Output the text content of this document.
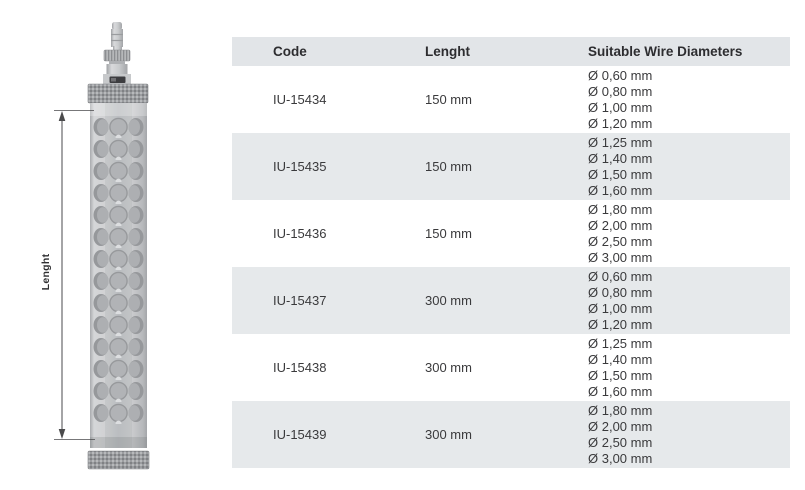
Lenght
Code	Lenght	Suitable Wire Diameters
IU-15434	150 mm
Ø 0,60 mm
Ø 0,80 mm
Ø 1,00 mm
Ø 1,20 mm
IU-15435	150 mm
Ø 1,25 mm
Ø 1,40 mm
Ø 1,50 mm
Ø 1,60 mm
IU-15436	150 mm
Ø 1,80 mm
Ø 2,00 mm
Ø 2,50 mm
Ø 3,00 mm
IU-15437	300 mm
Ø 0,60 mm
Ø 0,80 mm
Ø 1,00 mm
Ø 1,20 mm
IU-15438	300 mm
Ø 1,25 mm
Ø 1,40 mm
Ø 1,50 mm
Ø 1,60 mm
IU-15439	300 mm
Ø 1,80 mm
Ø 2,00 mm
Ø 2,50 mm
Ø 3,00 mm
